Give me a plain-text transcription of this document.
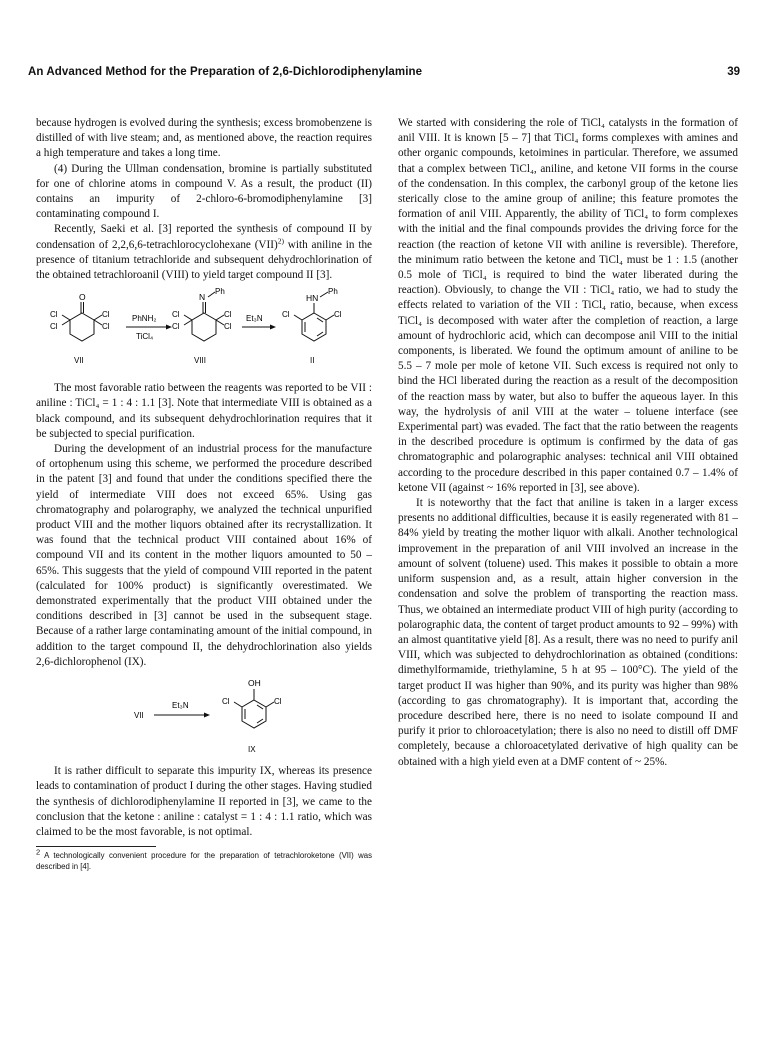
An Advanced Method for the Preparation of 2,6-Dichlorodiphenylamine	39

because hydrogen is evolved during the synthesis; excess bromobenzene is distilled of with live steam; and, as mentioned above, the reaction requires a high temperature and takes a long time.

(4) During the Ullman condensation, bromine is partially substituted for one of chlorine atoms in compound V. As a result, the product (II) contains an impurity of 2-chloro-6-bromodiphenylamine [3] contaminating compound I.

Recently, Saeki et al. [3] reported the synthesis of compound II by condensation of 2,2,6,6-tetrachlorocyclohexane (VII)$^{2)}$ with aniline in the presence of titanium tetrachloride and subsequent dehydrochlorination of the obtained tetrachloroanil (VIII) to yield target compound II [3].

O
Cl
Cl
Cl
Cl
VII
PhNH₂
TiCl₄
N
Ph
Cl
Cl
Cl
Cl
VIII
Et₃N
HN
Ph
Cl
Cl
II

The most favorable ratio between the reagents was reported to be VII : aniline : TiCl₄ = 1 : 4 : 1.1 [3]. Note that intermediate VIII is obtained as a black compound, and its subsequent dehydrochlorination requires that it be subjected to special purification.

During the development of an industrial process for the manufacture of ortophenum using this scheme, we performed the procedure described in the patent [3] and found that under the conditions specified there the yield of intermediate VIII does not exceed 65%. Using gas chromatography and polarography, we analyzed the technical unpurified product VIII and the mother liquors obtained after its recrystallization. It was found that the technical product VIII contained about 16% of compound VII and its content in the mother liquors amounted to 50 – 65%. This suggests that the yield of compound VIII reported in the patent (calculated for 100% product) is significantly overestimated. We demonstrated experimentally that the product VIII obtained under the conditions described in [3] cannot be used in the subsequent stage. Because of a rather large contaminating amount of the initial compound, in addition to the target compound II, the dehydrochlorination also yields 2,6-dichlorophenol (IX).

VII
Et₃N
OH
Cl
Cl
IX

It is rather difficult to separate this impurity IX, whereas its presence leads to contamination of product I during the other stages. Having studied the synthesis of dichlorodiphenylamine II reported in [3], we came to the conclusion that the ketone : aniline : catalyst = 1 : 4 : 1.1 ratio, which was claimed to be the most favorable, is not optimal.

$^2$ A technologically convenient procedure for the preparation of tetrachloroketone (VII) was described in [4].

We started with considering the role of TiCl₄ catalysts in the formation of anil VIII. It is known [5 – 7] that TiCl₄ forms complexes with amines and other organic compounds, ketoimines in particular. Therefore, we assumed that a complex between TiCl₄, aniline, and ketone VII forms in the course of the condensation. In this complex, the carbonyl group of the ketone lies sterically close to the amine group of aniline; this feature promotes the formation of anil VIII. Apparently, the ability of TiCl₄ to form complexes with the initial and the final compounds provides the driving force for the reaction (the reaction of ketone VII with aniline is reversible). Therefore, the minimum ratio between the ketone and TiCl₄ must be 1 : 1.5 (another 0.5 mole of TiCl₄ is required to bind the water liberated during the reaction). Obviously, to change the VII : TiCl₄ ratio, we had to study the effects related to variation of the VII : TiCl₄ ratio, because, when excess TiCl₄ is decomposed with water after the completion of reaction, a large amount of hydrochloric acid, which can decompose anil VIII to the initial components, is liberated. We found the optimum amount of aniline to be 5.5 – 7 mole per mole of ketone VII. Such excess is required not only to bind the HCl liberated during the reaction as a result of the decomposition of the reaction mass by water, but also to buffer the aqueous layer. In this way, the hydrolysis of anil VIII at the water – toluene interface (see Experimental part) was evaded. The fact that the ratio between the reagents in the described procedure is optimum is confirmed by the data of gas chromatographic and polarographic analyses: technical anil VIII obtained according to the procedure described in this paper contained 0.7 – 1.4% of ketone VII (against ~ 16% reported in [3], see above).

It is noteworthy that the fact that aniline is taken in a larger excess presents no additional difficulties, because it is easily regenerated with 81 – 84% yield by treating the mother liquor with alkali. Another technological improvement in the preparation of anil VIII involved an increase in the amount of solvent (toluene) used. This makes it possible to obtain a more uniform suspension and, as a result, attain higher conversion in the condensation and solve the problem of transporting the reaction mass. Thus, we obtained an intermediate product VIII of high purity (according to polarographic data, the content of target product amounts to 92 – 99%) with an almost quantitative yield [8]. As a result, there was no need to purify anil VIII, which was subjected to dehydrochlorination as obtained (conditions: dimethylformamide, triethylamine, 5 h at 95 – 100°C). The yield of the target product II was higher than 90%, and its purity was higher than 98% (according to gas chromatography). It is important that, according the procedure described here, there is no need to isolate compound II and purify it prior to chloroacetylation; there is also no need to distill off DMF completely, because a chloroacetylated derivative of high quality can be obtained with a high yield even at a DMF content of ~ 25%.
